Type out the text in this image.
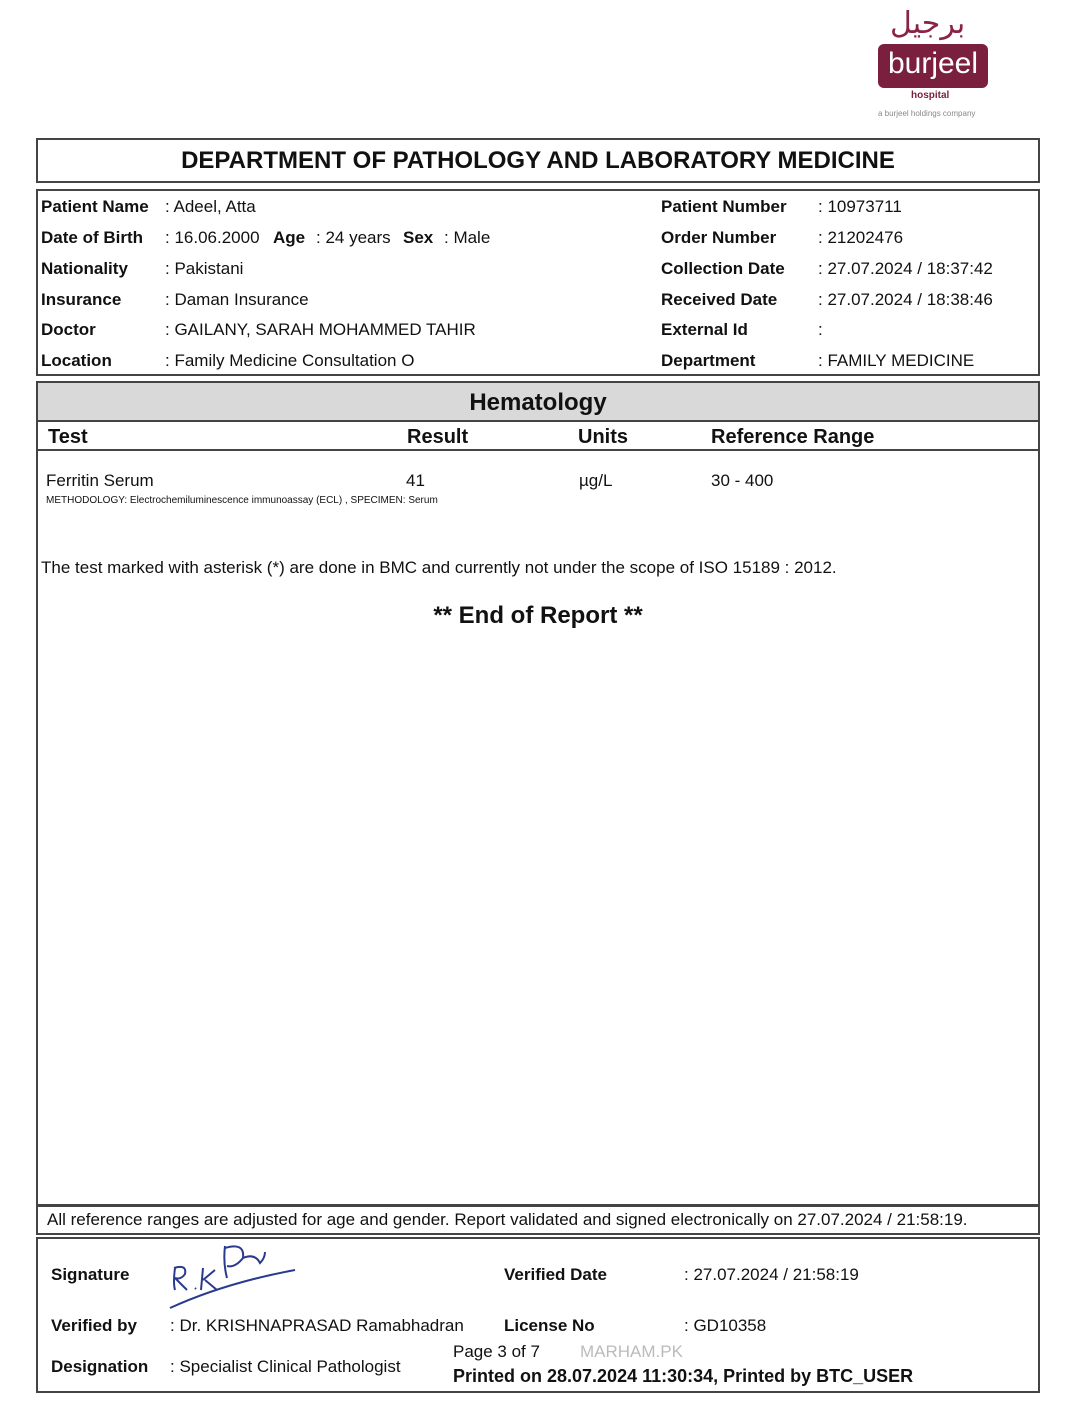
برجيل
burjeel
hospital
a burjeel holdings company
DEPARTMENT OF PATHOLOGY AND LABORATORY MEDICINE
Patient Name : Adeel, Atta
Date of Birth : 16.06.2000 Age : 24 years Sex : Male
Nationality : Pakistani
Insurance	: Daman Insurance
Doctor	: GAILANY, SARAH MOHAMMED TAHIR
Location	: Family Medicine Consultation O
Patient Number : 10973711
Order Number : 21202476
Collection Date : 27.07.2024 / 18:37:42
Received Date : 27.07.2024 / 18:38:46
External Id	:
Department	: FAMILY MEDICINE
Hematology
Test	Result	Units	Reference Range
Ferritin Serum	41	µg/L	30 - 400
METHODOLOGY: Electrochemiluminescence immunoassay (ECL) , SPECIMEN: Serum
The test marked with asterisk (*) are done in BMC and currently not under the scope of ISO 15189 : 2012.
** End of Report **
All reference ranges are adjusted for age and gender. Report validated and signed electronically on 27.07.2024 / 21:58:19.
Signature	Verified Date	: 27.07.2024 / 21:58:19
Verified by : Dr. KRISHNAPRASAD Ramabhadran License No	: GD10358
Designation : Specialist Clinical Pathologist
Page 3 of 7 MARHAM.PK
Printed on 28.07.2024 11:30:34, Printed by BTC_USER
